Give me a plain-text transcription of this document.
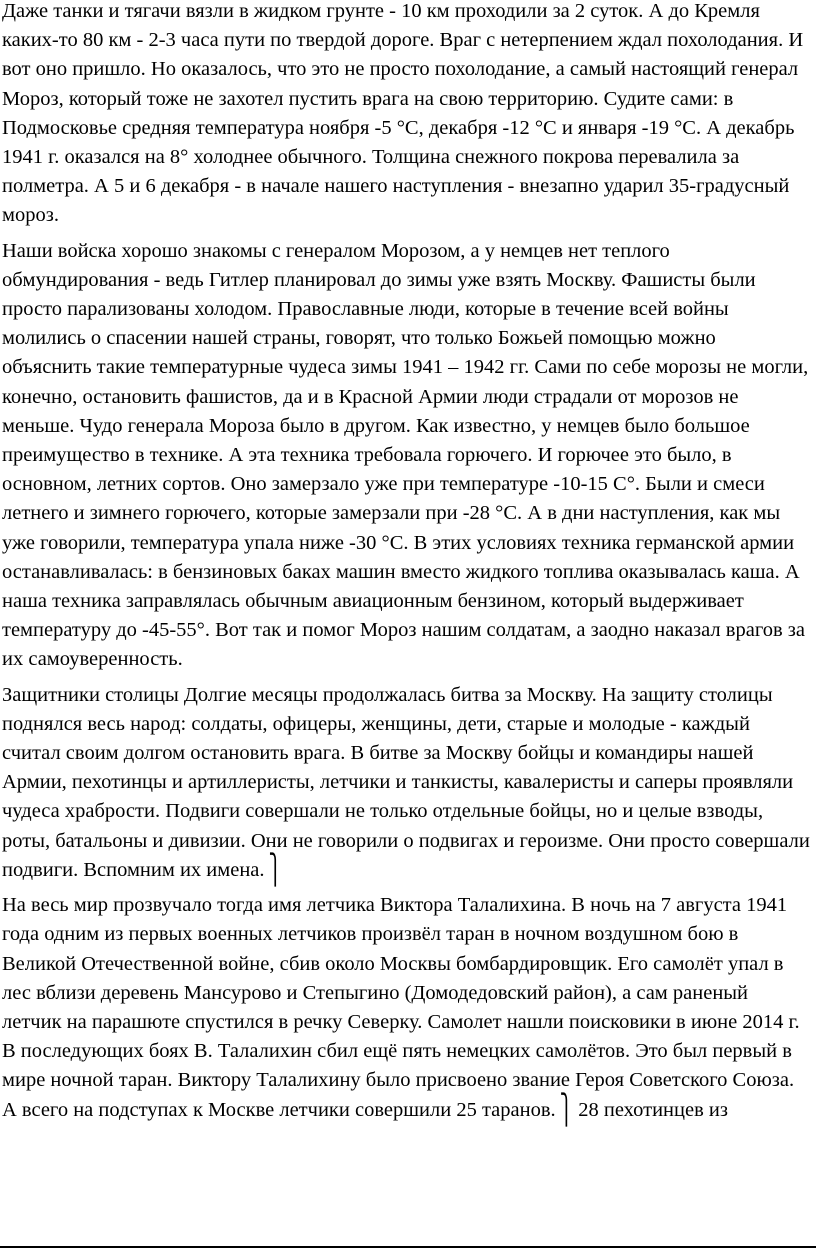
Даже танки и тягачи вязли в жидком грунте - 10 км проходили за 2 суток. А до Кремля каких-то 80 км - 2-3 часа пути по твердой дороге. Враг с нетерпением ждал похолодания. И вот оно пришло. Но оказалось, что это не просто похолодание, а самый настоящий генерал Мороз, который тоже не захотел пустить врага на свою территорию. Судите сами: в Подмосковье средняя температура ноября -5 °С, декабря -12 °С и января -19 °С. А декабрь 1941 г. оказался на 8° холоднее обычного. Толщина снежного покрова перевалила за полметра. А 5 и 6 декабря - в начале нашего наступления - внезапно ударил 35-градусный мороз.

Наши войска хорошо знакомы с генералом Морозом, а у немцев нет теплого обмундирования - ведь Гитлер планировал до зимы уже взять Москву. Фашисты были просто парализованы холодом. Православные люди, которые в течение всей войны молились о спасении нашей страны, говорят, что только Божьей помощью можно объяснить такие температурные чудеса зимы 1941 – 1942 гг. Сами по себе морозы не могли, конечно, остановить фашистов, да и в Красной Армии люди страдали от морозов не меньше. Чудо генерала Мороза было в другом. Как известно, у немцев было большое преимущество в технике. А эта техника требовала горючего. И горючее это было, в основном, летних сортов. Оно замерзало уже при температуре -10-15 С°. Были и смеси летнего и зимнего горючего, которые замерзали при -28 °С. А в дни наступления, как мы уже говорили, температура упала ниже -30 °С. В этих условиях техника германской армии останавливалась: в бензиновых баках машин вместо жидкого топлива оказывалась каша. А наша техника заправлялась обычным авиационным бензином, который выдерживает температуру до -45-55°. Вот так и помог Мороз нашим солдатам, а заодно наказал врагов за их самоуверенность.

Защитники столицы Долгие месяцы продолжалась битва за Москву. На защиту столицы поднялся весь народ: солдаты, офицеры, женщины, дети, старые и молодые - каждый считал своим долгом остановить врага. В битве за Москву бойцы и командиры нашей Армии, пехотинцы и артиллеристы, летчики и танкисты, кавалеристы и саперы проявляли чудеса храбрости. Подвиги совершали не только отдельные бойцы, но и целые взводы, роты, батальоны и дивизии. Они не говорили о подвигах и героизме. Они просто совершали подвиги. Вспомним их имена. ⎫

На весь мир прозвучало тогда имя летчика Виктора Талалихина. В ночь на 7 августа 1941 года одним из первых военных летчиков произвёл таран в ночном воздушном бою в Великой Отечественной войне, сбив около Москвы бомбардировщик. Его самолёт упал в лес вблизи деревень Мансурово и Степыгино (Домодедовский район), а сам раненый летчик на парашюте спустился в речку Северку. Самолет нашли поисковики в июне 2014 г. В последующих боях В. Талалихин сбил ещё пять немецких самолётов. Это был первый в мире ночной таран. Виктору Талалихину было присвоено звание Героя Советского Союза. А всего на подступах к Москве летчики совершили 25 таранов. ⎫ 28 пехотинцев из
